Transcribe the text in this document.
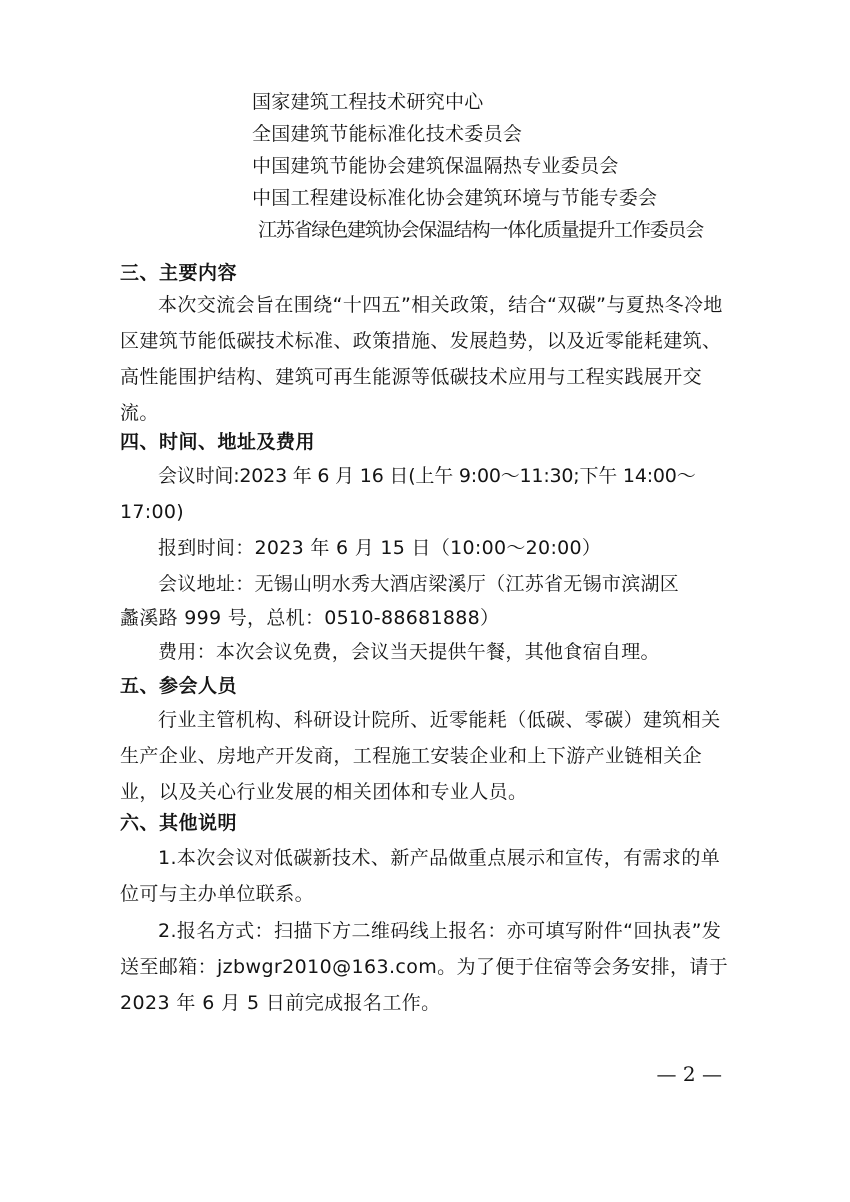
国家建筑工程技术研究中心
全国建筑节能标准化技术委员会
中国建筑节能协会建筑保温隔热专业委员会
中国工程建设标准化协会建筑环境与节能专委会
江苏省绿色建筑协会保温结构一体化质量提升工作委员会
三、主要内容

本次交流会旨在围绕“十四五”相关政策，结合“双碳”与夏热冬冷地区建筑节能低碳技术标准、政策措施、发展趋势，以及近零能耗建筑、高性能围护结构、建筑可再生能源等低碳技术应用与工程实践展开交流。

四、时间、地址及费用
会议时间:2023 年 6 月 16 日(上午 9:00～11:30;下午 14:00～
17:00)
报到时间：2023 年 6 月 15 日（10:00～20:00）
会议地址：无锡山明水秀大酒店梁溪厅（江苏省无锡市滨湖区
蠡溪路 999 号，总机：0510-88681888）
费用：本次会议免费，会议当天提供午餐，其他食宿自理。
五、参会人员

行业主管机构、科研设计院所、近零能耗（低碳、零碳）建筑相关生产企业、房地产开发商，工程施工安装企业和上下游产业链相关企业，以及关心行业发展的相关团体和专业人员。

六、其他说明

1.本次会议对低碳新技术、新产品做重点展示和宣传，有需求的单位可与主办单位联系。

2.报名方式：扫描下方二维码线上报名：亦可填写附件“回执表”发送至邮箱：jzbwgr2010@163.com。为了便于住宿等会务安排，请于 2023 年 6 月 5 日前完成报名工作。

— 2 —
